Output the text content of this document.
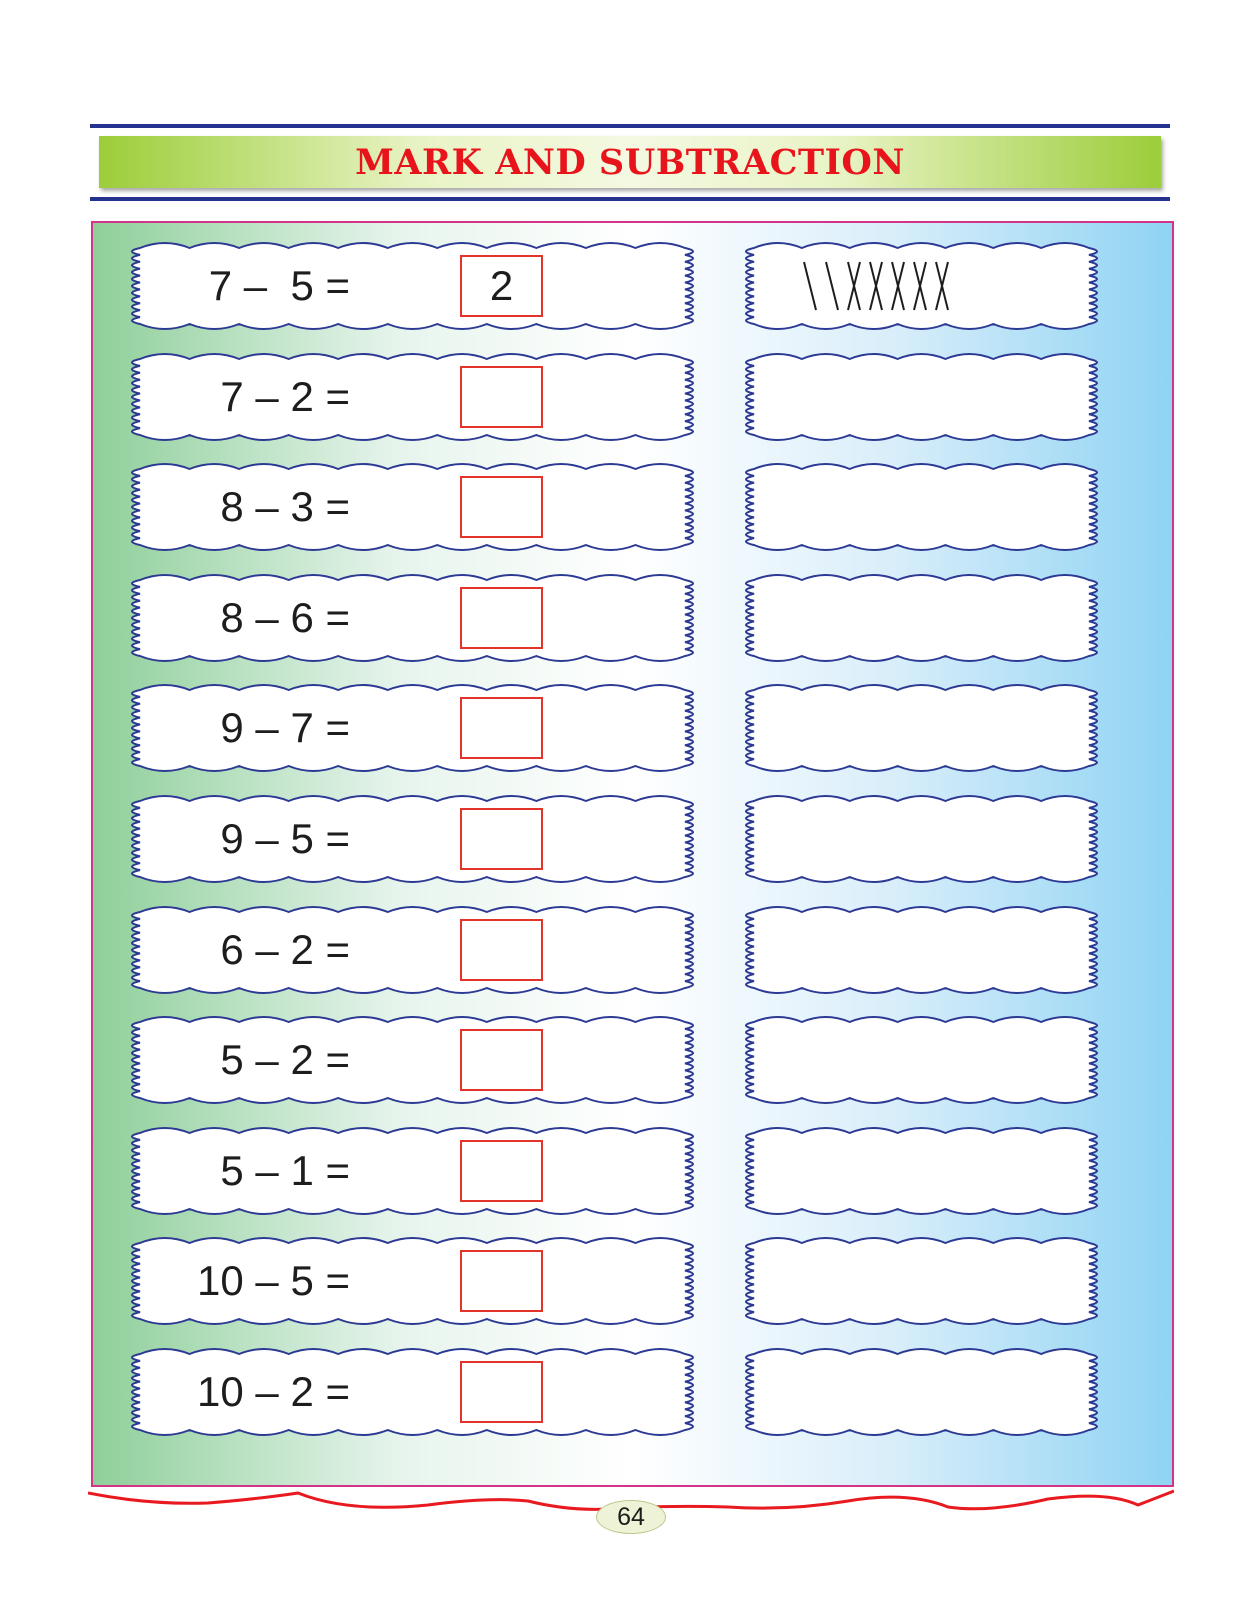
MARK AND SUBTRACTION
7 –  5 =	2
7 – 2 =
8 – 3 =
8 – 6 =
9 – 7 =
9 – 5 =
6 – 2 =
5 – 2 =
5 – 1 =
10 – 5 =
10 – 2 =
64
